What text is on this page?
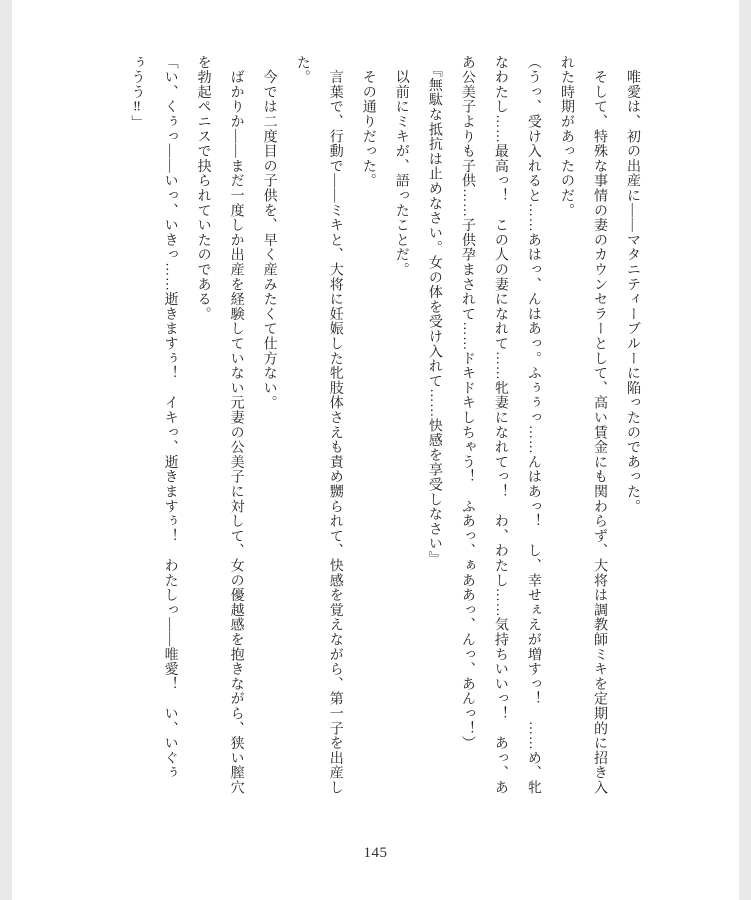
　唯愛は、初の出産に――マタニティーブルーに陥ったのであった。

　そして、特殊な事情の妻のカウンセラーとして、高い賃金にも関わらず、大将は調教師ミキを定期的に招き入

れた時期があったのだ。

（うっ、受け入れると……あはっ、んはあっ。ふぅぅっ……んはあっ！　し、幸せぇえが増すっ！　……め、牝

なわたし……最高っ！　この人の妻になれて……牝妻になれてっ！　わ、わたし……気持ちいいっ！　あっ、あ

あ公美子よりも子供……子供孕まされて……ドキドキしちゃう！　ふあっ、ぁああっ、んっ、あんっ！）

　『無駄な抵抗は止めなさい。女の体を受け入れて……快感を享受しなさい』

　以前にミキが、語ったことだ。

　その通りだった。

　言葉で、行動で――ミキと、大将に妊娠した牝肢体さえも責め嬲られて、快感を覚えながら、第一子を出産し

た。

　今では二度目の子供を、早く産みたくて仕方ない。

　ばかりか――まだ一度しか出産を経験していない元妻の公美子に対して、女の優越感を抱きながら、狭い膣穴

を勃起ペニスで抉られていたのである。

「い、くぅっ――いっ、いきっ……逝きますぅ！　イキっ、逝きますぅ！　わたしっ――唯愛！　い、いぐぅ

ぅうう‼」

145
